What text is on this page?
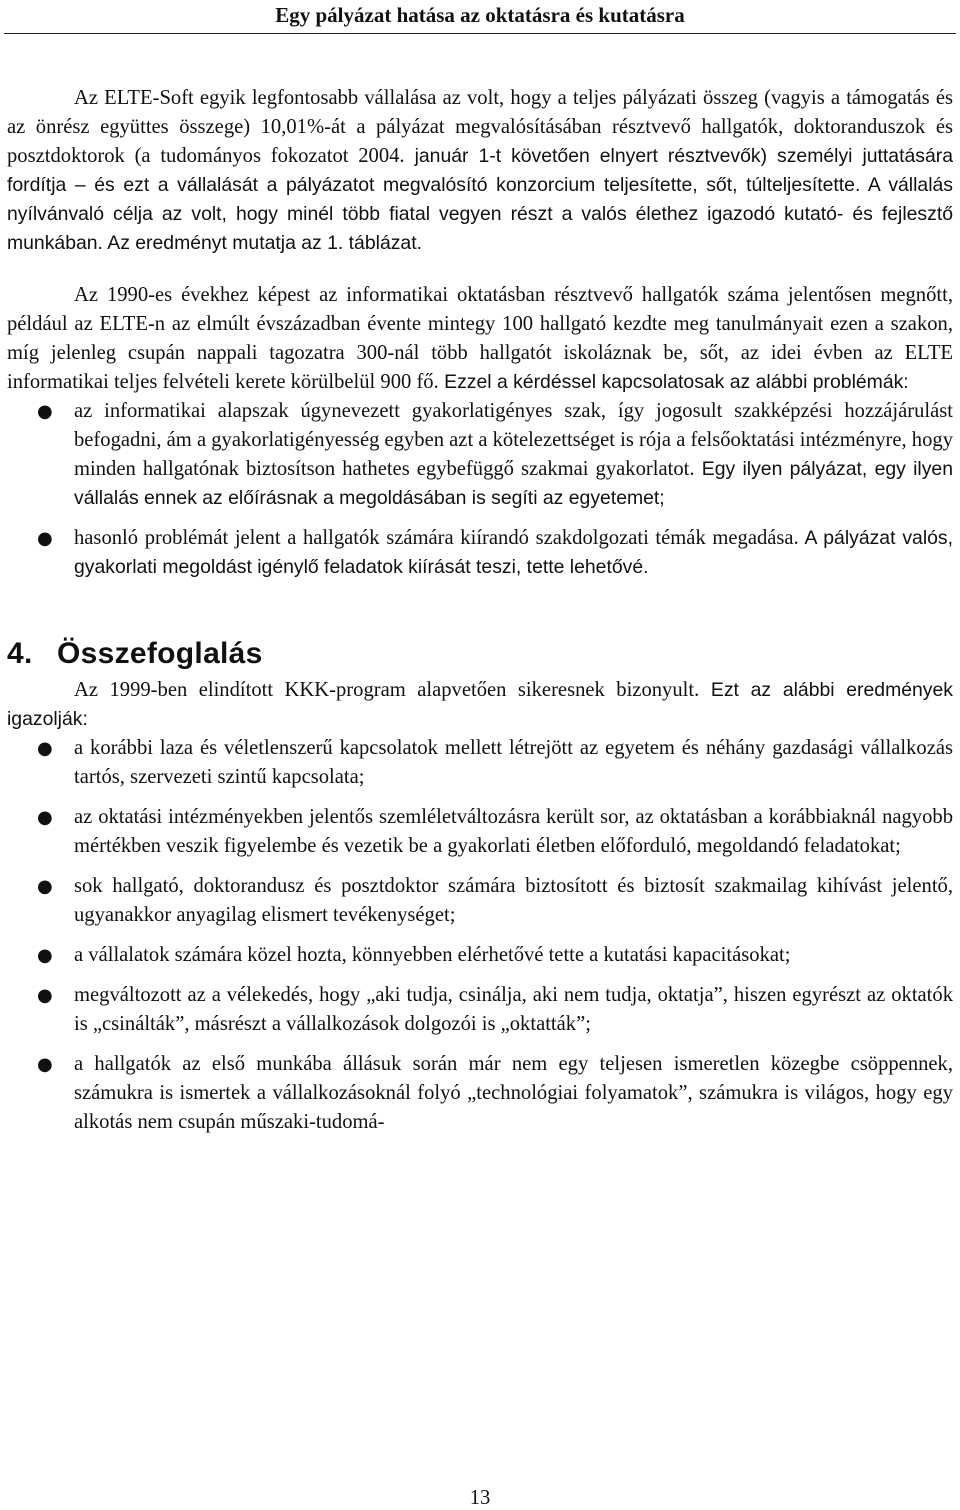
Egy pályázat hatása az oktatásra és kutatásra

Az ELTE-Soft egyik legfontosabb vállalása az volt, hogy a teljes pályázati összeg (vagyis a támogatás és az önrész együttes összege) 10,01%-át a pályázat megvalósításában résztvevő hallgatók, doktoranduszok és posztdoktorok (a tudományos fokozatot 2004. január 1-t követően elnyert résztvevők) személyi juttatására fordítja – és ezt a vállalását a pályázatot megvalósító konzorcium teljesítette, sőt, túlteljesítette. A vállalás nyílvánvaló célja az volt, hogy minél több fiatal vegyen részt a valós élethez igazodó kutató- és fejlesztő munkában. Az eredményt mutatja az 1. táblázat.

Az 1990-es évekhez képest az informatikai oktatásban résztvevő hallgatók száma jelentősen megnőtt, például az ELTE-n az elmúlt évszázadban évente mintegy 100 hallgató kezdte meg tanulmányait ezen a szakon, míg jelenleg csupán nappali tagozatra 300-nál több hallgatót iskoláznak be, sőt, az idei évben az ELTE informatikai teljes felvételi kerete körülbelül 900 fő. Ezzel a kérdéssel kapcsolatosak az alábbi problémák:

● az informatikai alapszak úgynevezett gyakorlatigényes szak, így jogosult szakképzési hozzájárulást befogadni, ám a gyakorlatigényesség egyben azt a kötelezettséget is rója a felsőoktatási intézményre, hogy minden hallgatónak biztosítson hathetes egybefüggő szakmai gyakorlatot. Egy ilyen pályázat, egy ilyen vállalás ennek az előírásnak a megoldásában is segíti az egyetemet;
● hasonló problémát jelent a hallgatók számára kiírandó szakdolgozati témák megadása. A pályázat valós, gyakorlati megoldást igénylő feladatok kiírását teszi, tette lehetővé.
4. Összefoglalás

Az 1999-ben elindított KKK-program alapvetően sikeresnek bizonyult. Ezt az alábbi eredmények igazolják:

● a korábbi laza és véletlenszerű kapcsolatok mellett létrejött az egyetem és néhány gazdasági vállalkozás tartós, szervezeti szintű kapcsolata;
● az oktatási intézményekben jelentős szemléletváltozásra került sor, az oktatásban a korábbiaknál nagyobb mértékben veszik figyelembe és vezetik be a gyakorlati életben előforduló, megoldandó feladatokat;
● sok hallgató, doktorandusz és posztdoktor számára biztosított és biztosít szakmailag kihívást jelentő, ugyanakkor anyagilag elismert tevékenységet;
● a vállalatok számára közel hozta, könnyebben elérhetővé tette a kutatási kapacitásokat;
● megváltozott az a vélekedés, hogy „aki tudja, csinálja, aki nem tudja, oktatja”, hiszen egyrészt az oktatók is „csinálták”, másrészt a vállalkozások dolgozói is „oktatták”;
● a hallgatók az első munkába állásuk során már nem egy teljesen ismeretlen közegbe csöppennek, számukra is ismertek a vállalkozásoknál folyó „technológiai folyamatok”, számukra is világos, hogy egy alkotás nem csupán műszaki-tudomá-
13
